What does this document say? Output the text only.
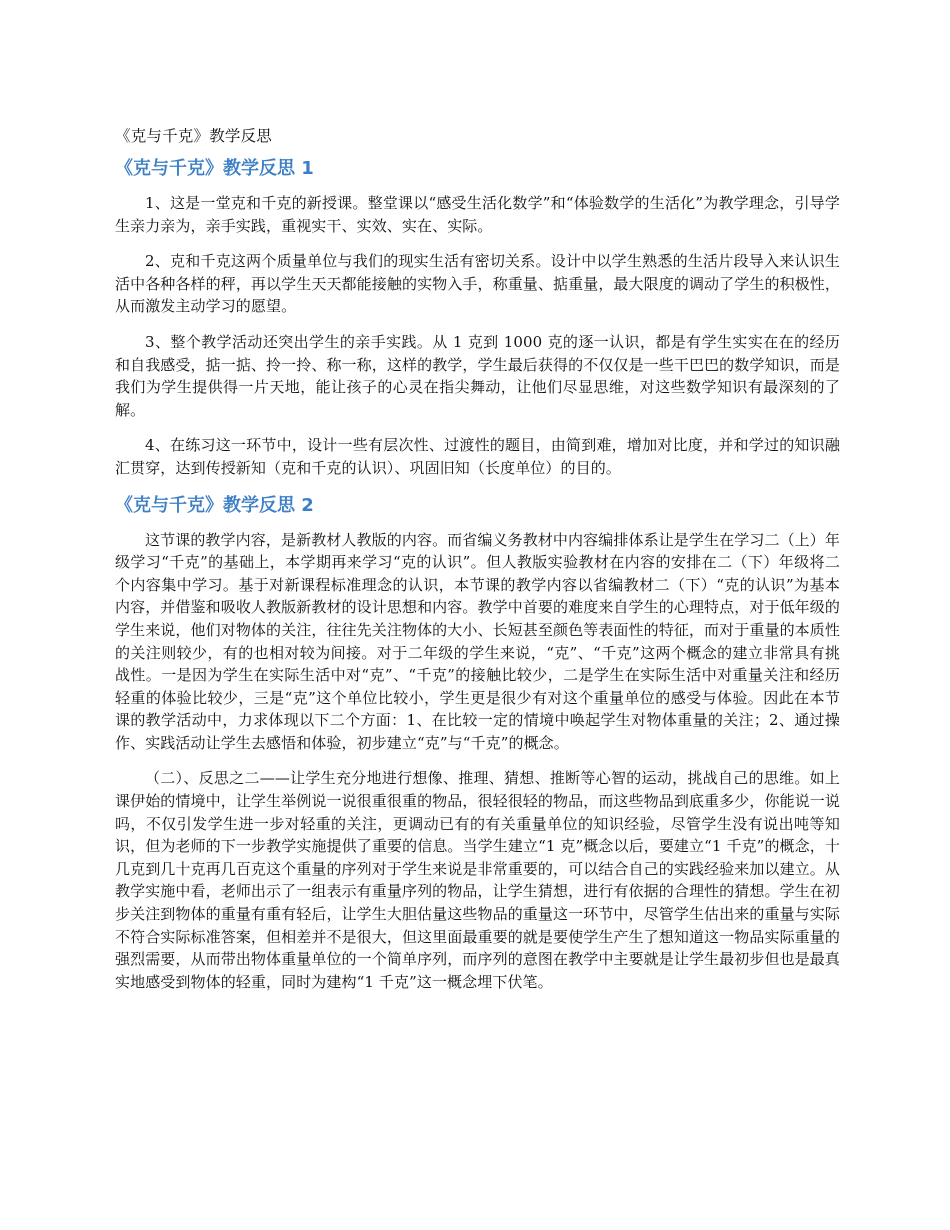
《克与千克》教学反思
《克与千克》教学反思 1

1、这是一堂克和千克的新授课。整堂课以“感受生活化数学”和“体验数学的生活化”为教学理念，引导学生亲力亲为，亲手实践，重视实干、实效、实在、实际。

2、克和千克这两个质量单位与我们的现实生活有密切关系。设计中以学生熟悉的生活片段导入来认识生活中各种各样的秤，再以学生天天都能接触的实物入手，称重量、掂重量，最大限度的调动了学生的积极性，从而激发主动学习的愿望。

3、整个教学活动还突出学生的亲手实践。从 1 克到 1000 克的逐一认识，都是有学生实实在在的经历和自我感受，掂一掂、拎一拎、称一称，这样的教学，学生最后获得的不仅仅是一些干巴巴的数学知识，而是我们为学生提供得一片天地，能让孩子的心灵在指尖舞动，让他们尽显思维，对这些数学知识有最深刻的了解。

4、在练习这一环节中，设计一些有层次性、过渡性的题目，由简到难，增加对比度，并和学过的知识融汇贯穿，达到传授新知（克和千克的认识）、巩固旧知（长度单位）的目的。

《克与千克》教学反思 2

这节课的教学内容，是新教材人教版的内容。而省编义务教材中内容编排体系让是学生在学习二（上）年级学习“千克”的基础上，本学期再来学习“克的认识”。但人教版实验教材在内容的安排在二（下）年级将二个内容集中学习。基于对新课程标准理念的认识，本节课的教学内容以省编教材二（下）“克的认识”为基本内容，并借鉴和吸收人教版新教材的设计思想和内容。教学中首要的难度来自学生的心理特点，对于低年级的学生来说，他们对物体的关注，往往先关注物体的大小、长短甚至颜色等表面性的特征，而对于重量的本质性的关注则较少，有的也相对较为间接。对于二年级的学生来说，“克”、“千克”这两个概念的建立非常具有挑战性。一是因为学生在实际生活中对“克”、“千克”的接触比较少，二是学生在实际生活中对重量关注和经历轻重的体验比较少，三是“克”这个单位比较小，学生更是很少有对这个重量单位的感受与体验。因此在本节课的教学活动中，力求体现以下二个方面：1、在比较一定的情境中唤起学生对物体重量的关注；2、通过操作、实践活动让学生去感悟和体验，初步建立“克”与“千克”的概念。

（二）、反思之二——让学生充分地进行想像、推理、猜想、推断等心智的运动，挑战自己的思维。如上课伊始的情境中，让学生举例说一说很重很重的物品，很轻很轻的物品，而这些物品到底重多少，你能说一说吗，不仅引发学生进一步对轻重的关注，更调动已有的有关重量单位的知识经验，尽管学生没有说出吨等知识，但为老师的下一步教学实施提供了重要的信息。当学生建立“1 克”概念以后，要建立“1 千克”的概念，十几克到几十克再几百克这个重量的序列对于学生来说是非常重要的，可以结合自己的实践经验来加以建立。从教学实施中看，老师出示了一组表示有重量序列的物品，让学生猜想，进行有依据的合理性的猜想。学生在初步关注到物体的重量有重有轻后，让学生大胆估量这些物品的重量这一环节中，尽管学生估出来的重量与实际不符合实际标准答案，但相差并不是很大，但这里面最重要的就是要使学生产生了想知道这一物品实际重量的强烈需要，从而带出物体重量单位的一个简单序列，而序列的意图在教学中主要就是让学生最初步但也是最真实地感受到物体的轻重，同时为建构“1 千克”这一概念埋下伏笔。
